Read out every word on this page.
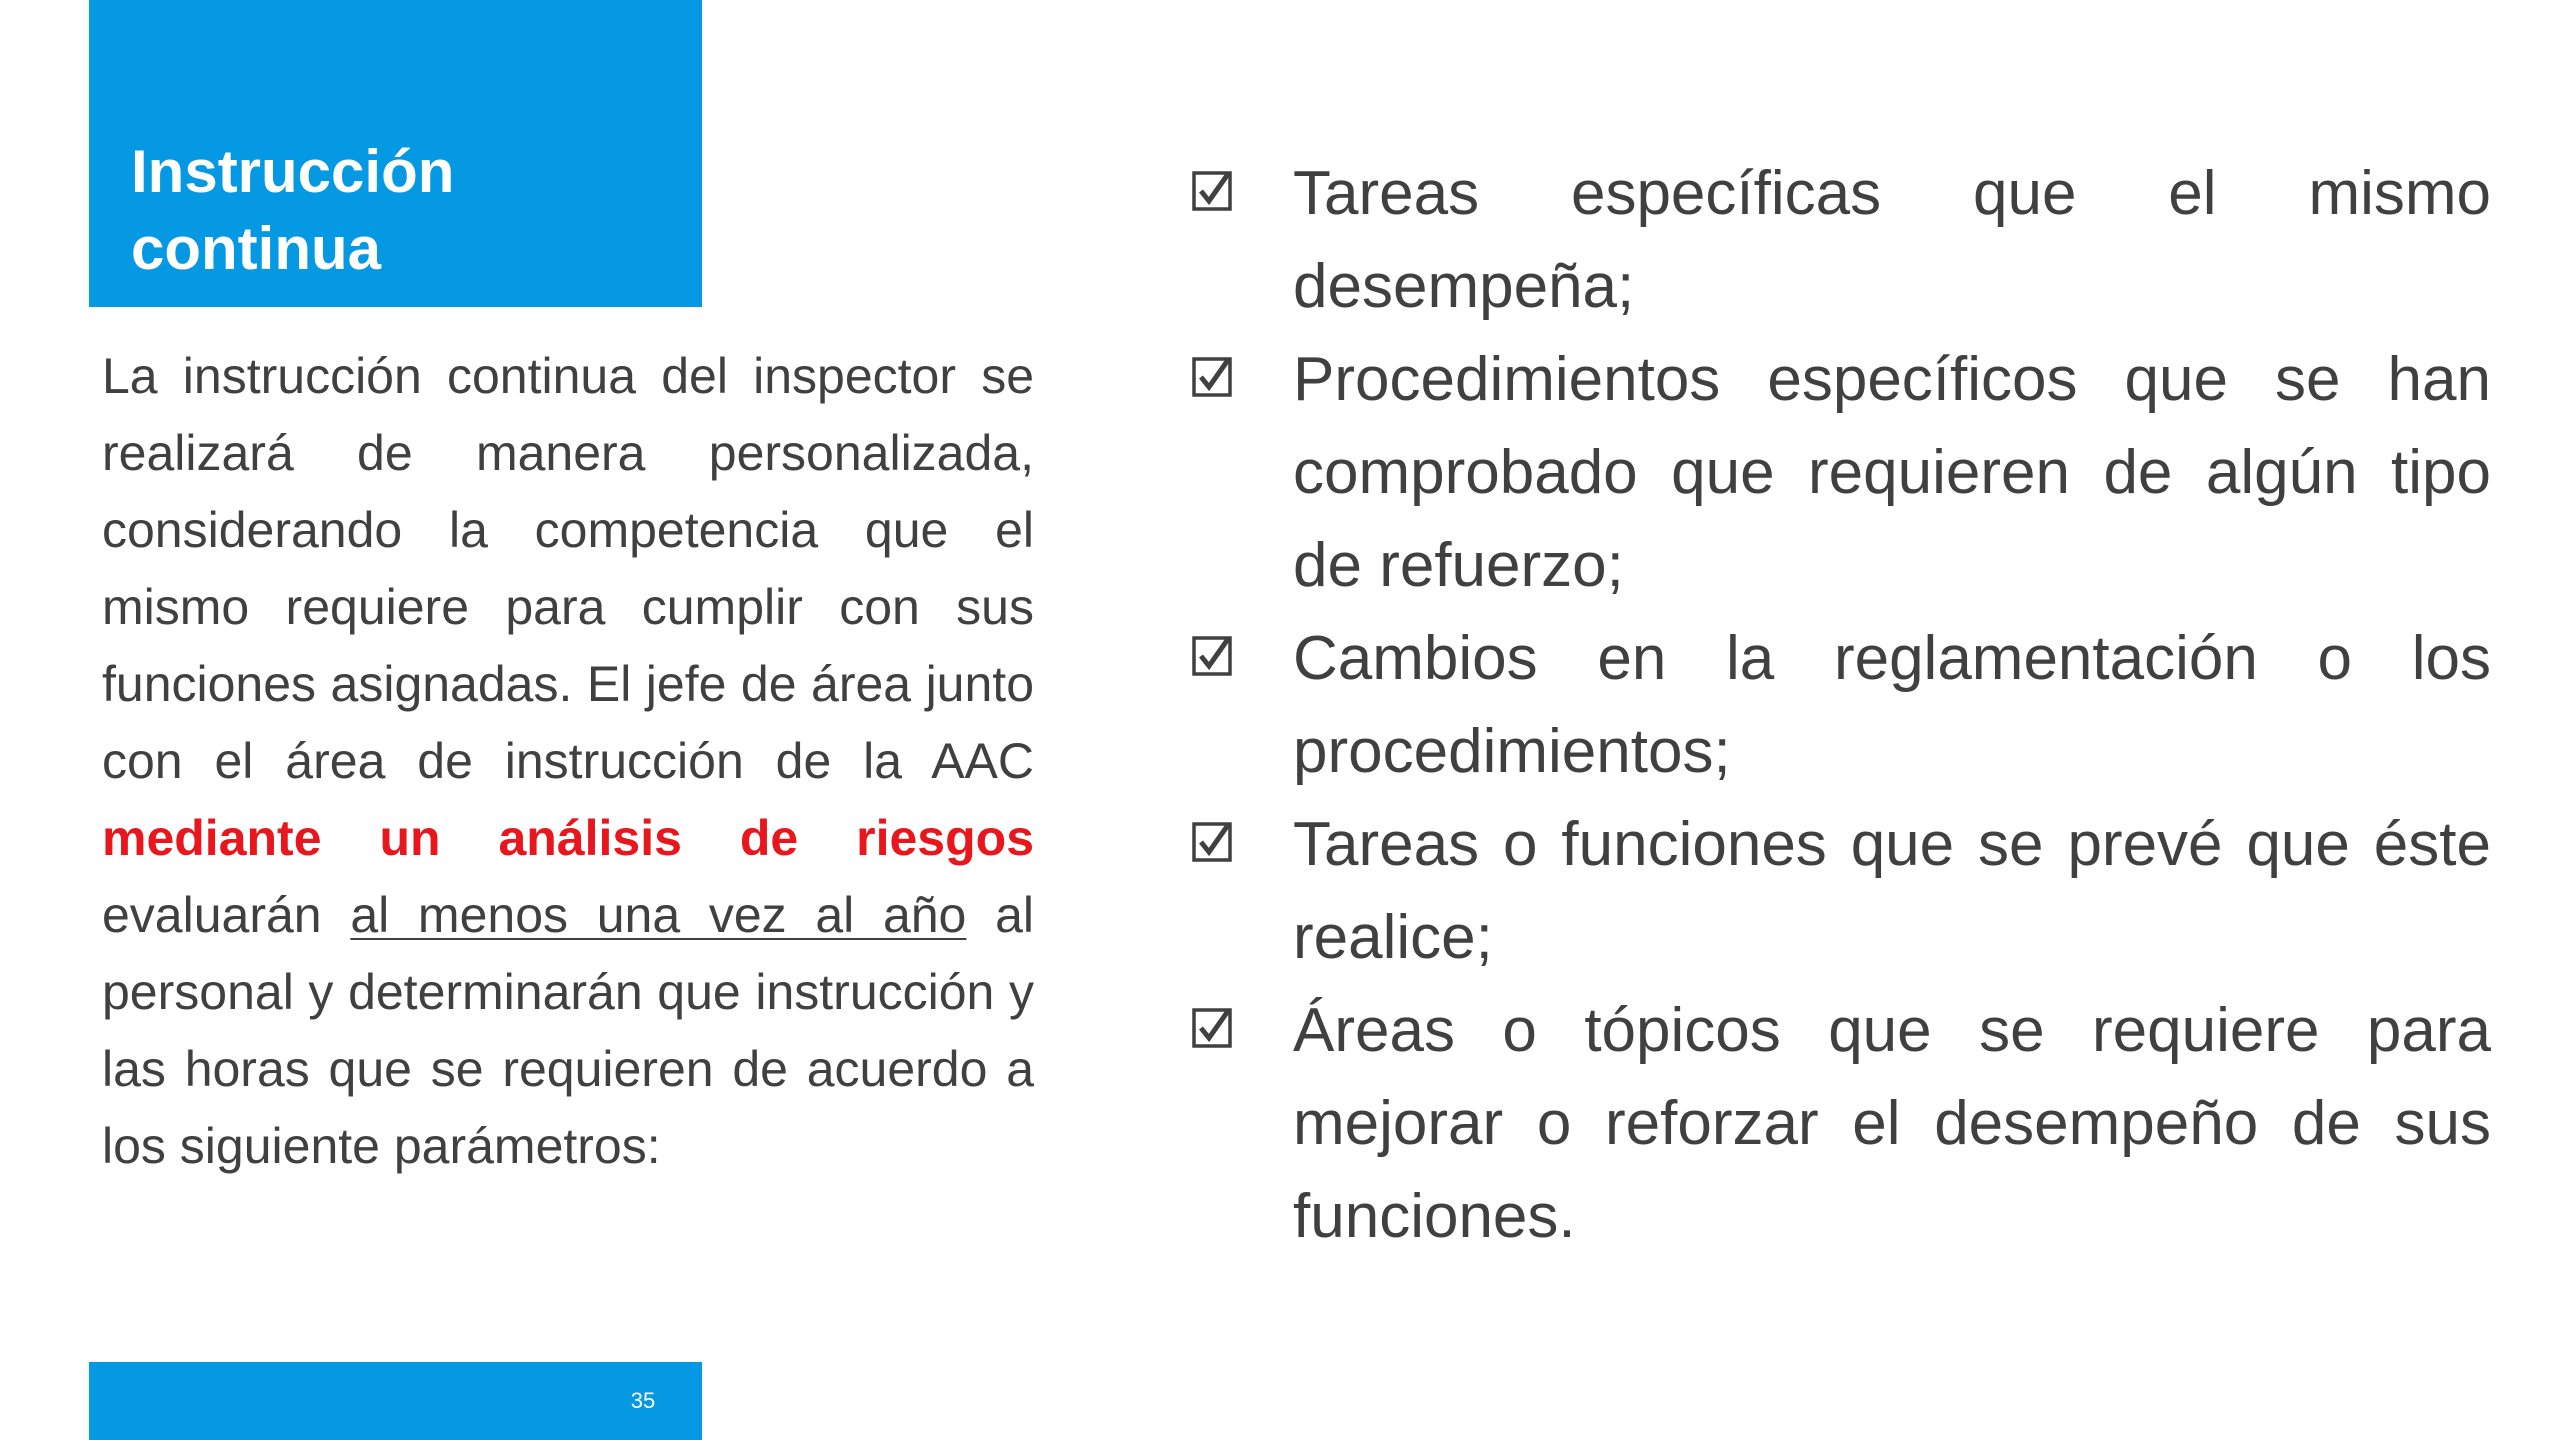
Instrucción
continua

La instrucción continua del inspector se realizará de manera personalizada, considerando la competencia que el mismo requiere para cumplir con sus funciones asignadas. El jefe de área junto con el área de instrucción de la AAC mediante un análisis de riesgos evaluarán al menos una vez al año al personal y determinarán que instrucción y las horas que se requieren de acuerdo a los siguiente parámetros:

Tareas específicas que el mismo desempeña;
Procedimientos específicos que se han comprobado que requieren de algún tipo de refuerzo;
Cambios en la reglamentación o los procedimientos;
Tareas o funciones que se prevé que éste realice;
Áreas o tópicos que se requiere para mejorar o reforzar el desempeño de sus funciones.
35
